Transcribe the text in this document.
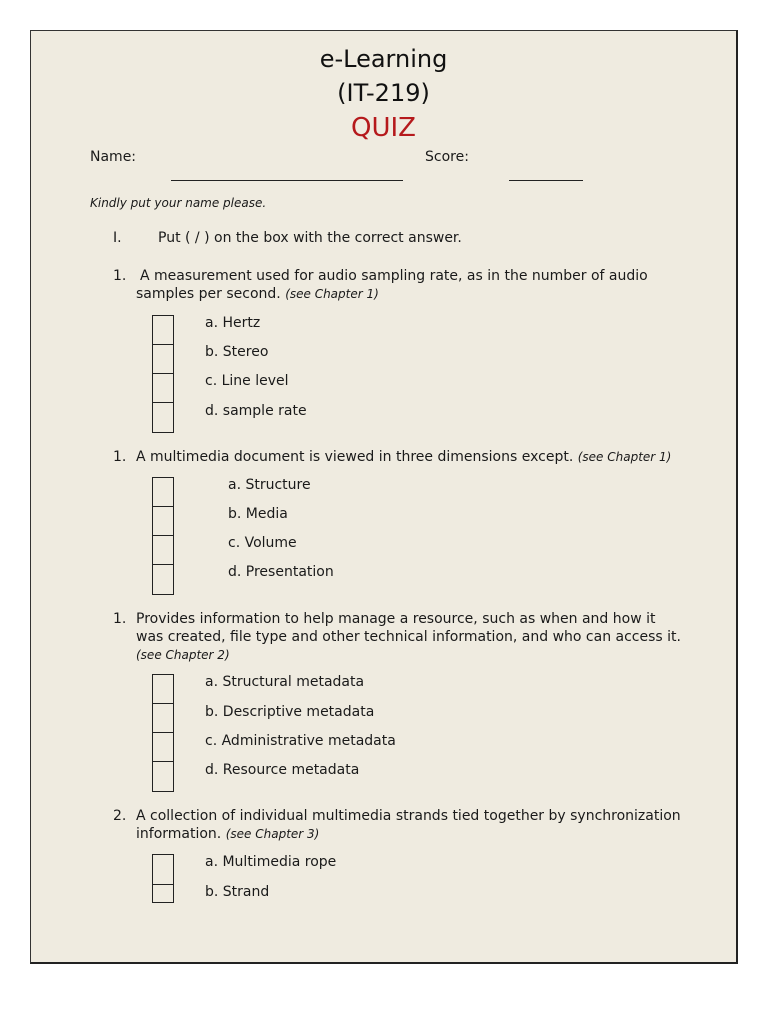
e-Learning
(IT-219)
QUIZ
Name:	Score:
Kindly put your name please.
I.	Put ( / ) on the box with the correct answer.
1. A measurement used for audio sampling rate, as in the number of audio
samples per second. (see Chapter 1)
a. Hertz
b. Stereo
c. Line level
d. sample rate
1. A multimedia document is viewed in three dimensions except. (see Chapter 1)
a. Structure
b. Media
c. Volume
d. Presentation
1. Provides information to help manage a resource, such as when and how it
was created, file type and other technical information, and who can access it.
(see Chapter 2)
a. Structural metadata
b. Descriptive metadata
c. Administrative metadata
d. Resource metadata
2. A collection of individual multimedia strands tied together by synchronization
information. (see Chapter 3)
a. Multimedia rope
b. Strand
